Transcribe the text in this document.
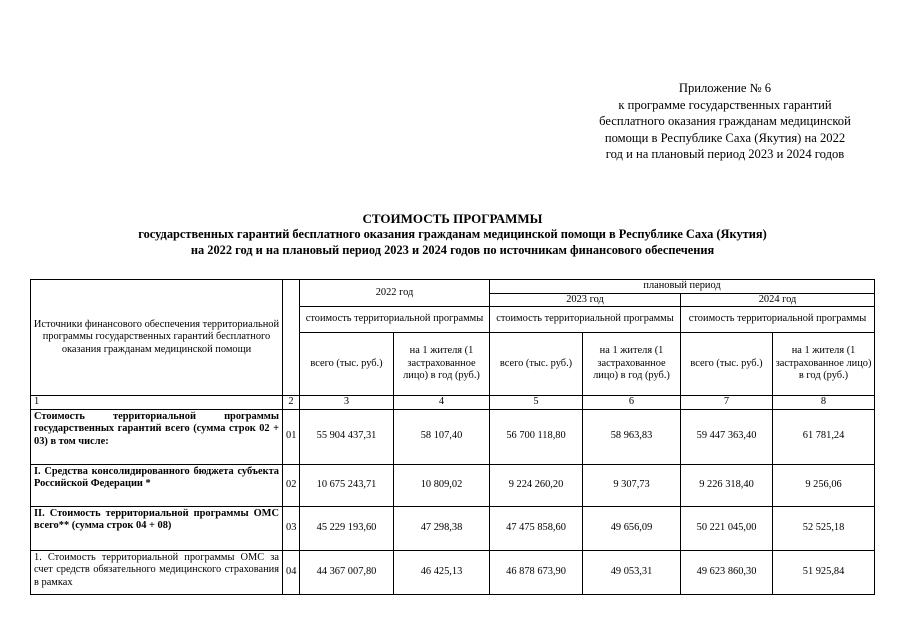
Приложение № 6
к программе государственных гарантий
бесплатного оказания гражданам медицинской
помощи в Республике Саха (Якутия) на 2022
год и на плановый период 2023 и 2024 годов
СТОИМОСТЬ ПРОГРАММЫ
государственных гарантий бесплатного оказания гражданам медицинской помощи в Республике Саха (Якутия)
на 2022 год и на плановый период 2023 и 2024 годов по источникам финансового обеспечения
Источники финансового обеспечения территориальной программы государственных гарантий бесплатного оказания гражданам медицинской помощи		2022 год		плановый период			
				2023 год		2024 год	
		стоимость территориальной программы		стоимость территориальной программы		стоимость территориальной программы	
		всего (тыс. руб.)	на 1 жителя (1 застрахованное лицо) в год (руб.)	всего (тыс. руб.)	на 1 жителя (1 застрахованное лицо) в год (руб.)	всего (тыс. руб.)	на 1 жителя (1 застрахованное лицо) в год (руб.)

1	2	3	4	5	6	7	8
Стоимость территориальной программы государственных гарантий всего (сумма строк 02 + 03) в том числе:	01	55 904 437,31	58 107,40	56 700 118,80	58 963,83	59 447 363,40	61 781,24
I. Средства консолидированного бюджета субъекта Российской Федерации *	02	10 675 243,71	10 809,02	9 224 260,20	9 307,73	9 226 318,40	9 256,06
II. Стоимость территориальной программы ОМС всего** (сумма строк 04 + 08)	03	45 229 193,60	47 298,38	47 475 858,60	49 656,09	50 221 045,00	52 525,18
1. Стоимость территориальной программы ОМС за счет средств обязательного медицинского страхования в рамках	04	44 367 007,80	46 425,13	46 878 673,90	49 053,31	49 623 860,30	51 925,84
